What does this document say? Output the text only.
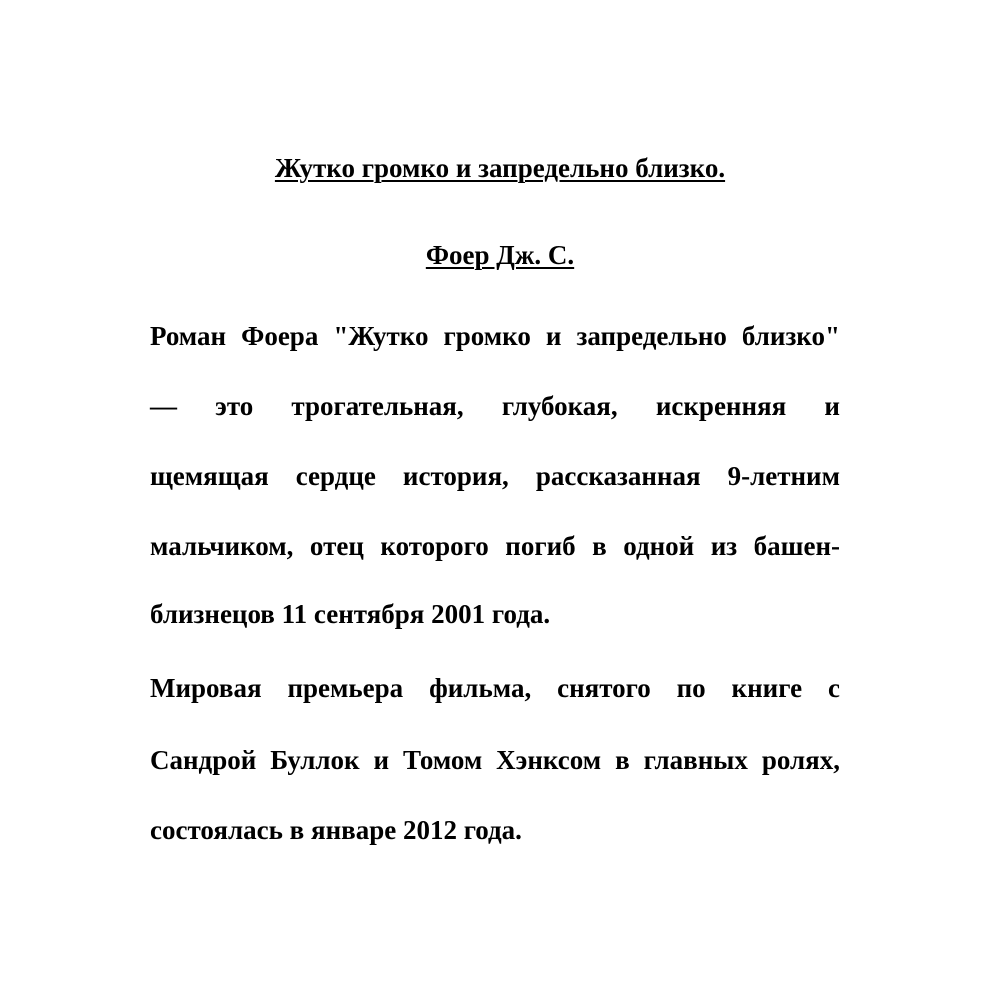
Жутко громко и запредельно близко.
Фоер Дж. С.
Роман Фоера "Жутко громко и запредельно близко"
— это трогательная, глубокая, искренняя и
щемящая сердце история, рассказанная 9-летним
мальчиком, отец которого погиб в одной из башен-
близнецов 11 сентября 2001 года.
Мировая премьера фильма, снятого по книге с
Сандрой Буллок и Томом Хэнксом в главных ролях,
состоялась в январе 2012 года.
